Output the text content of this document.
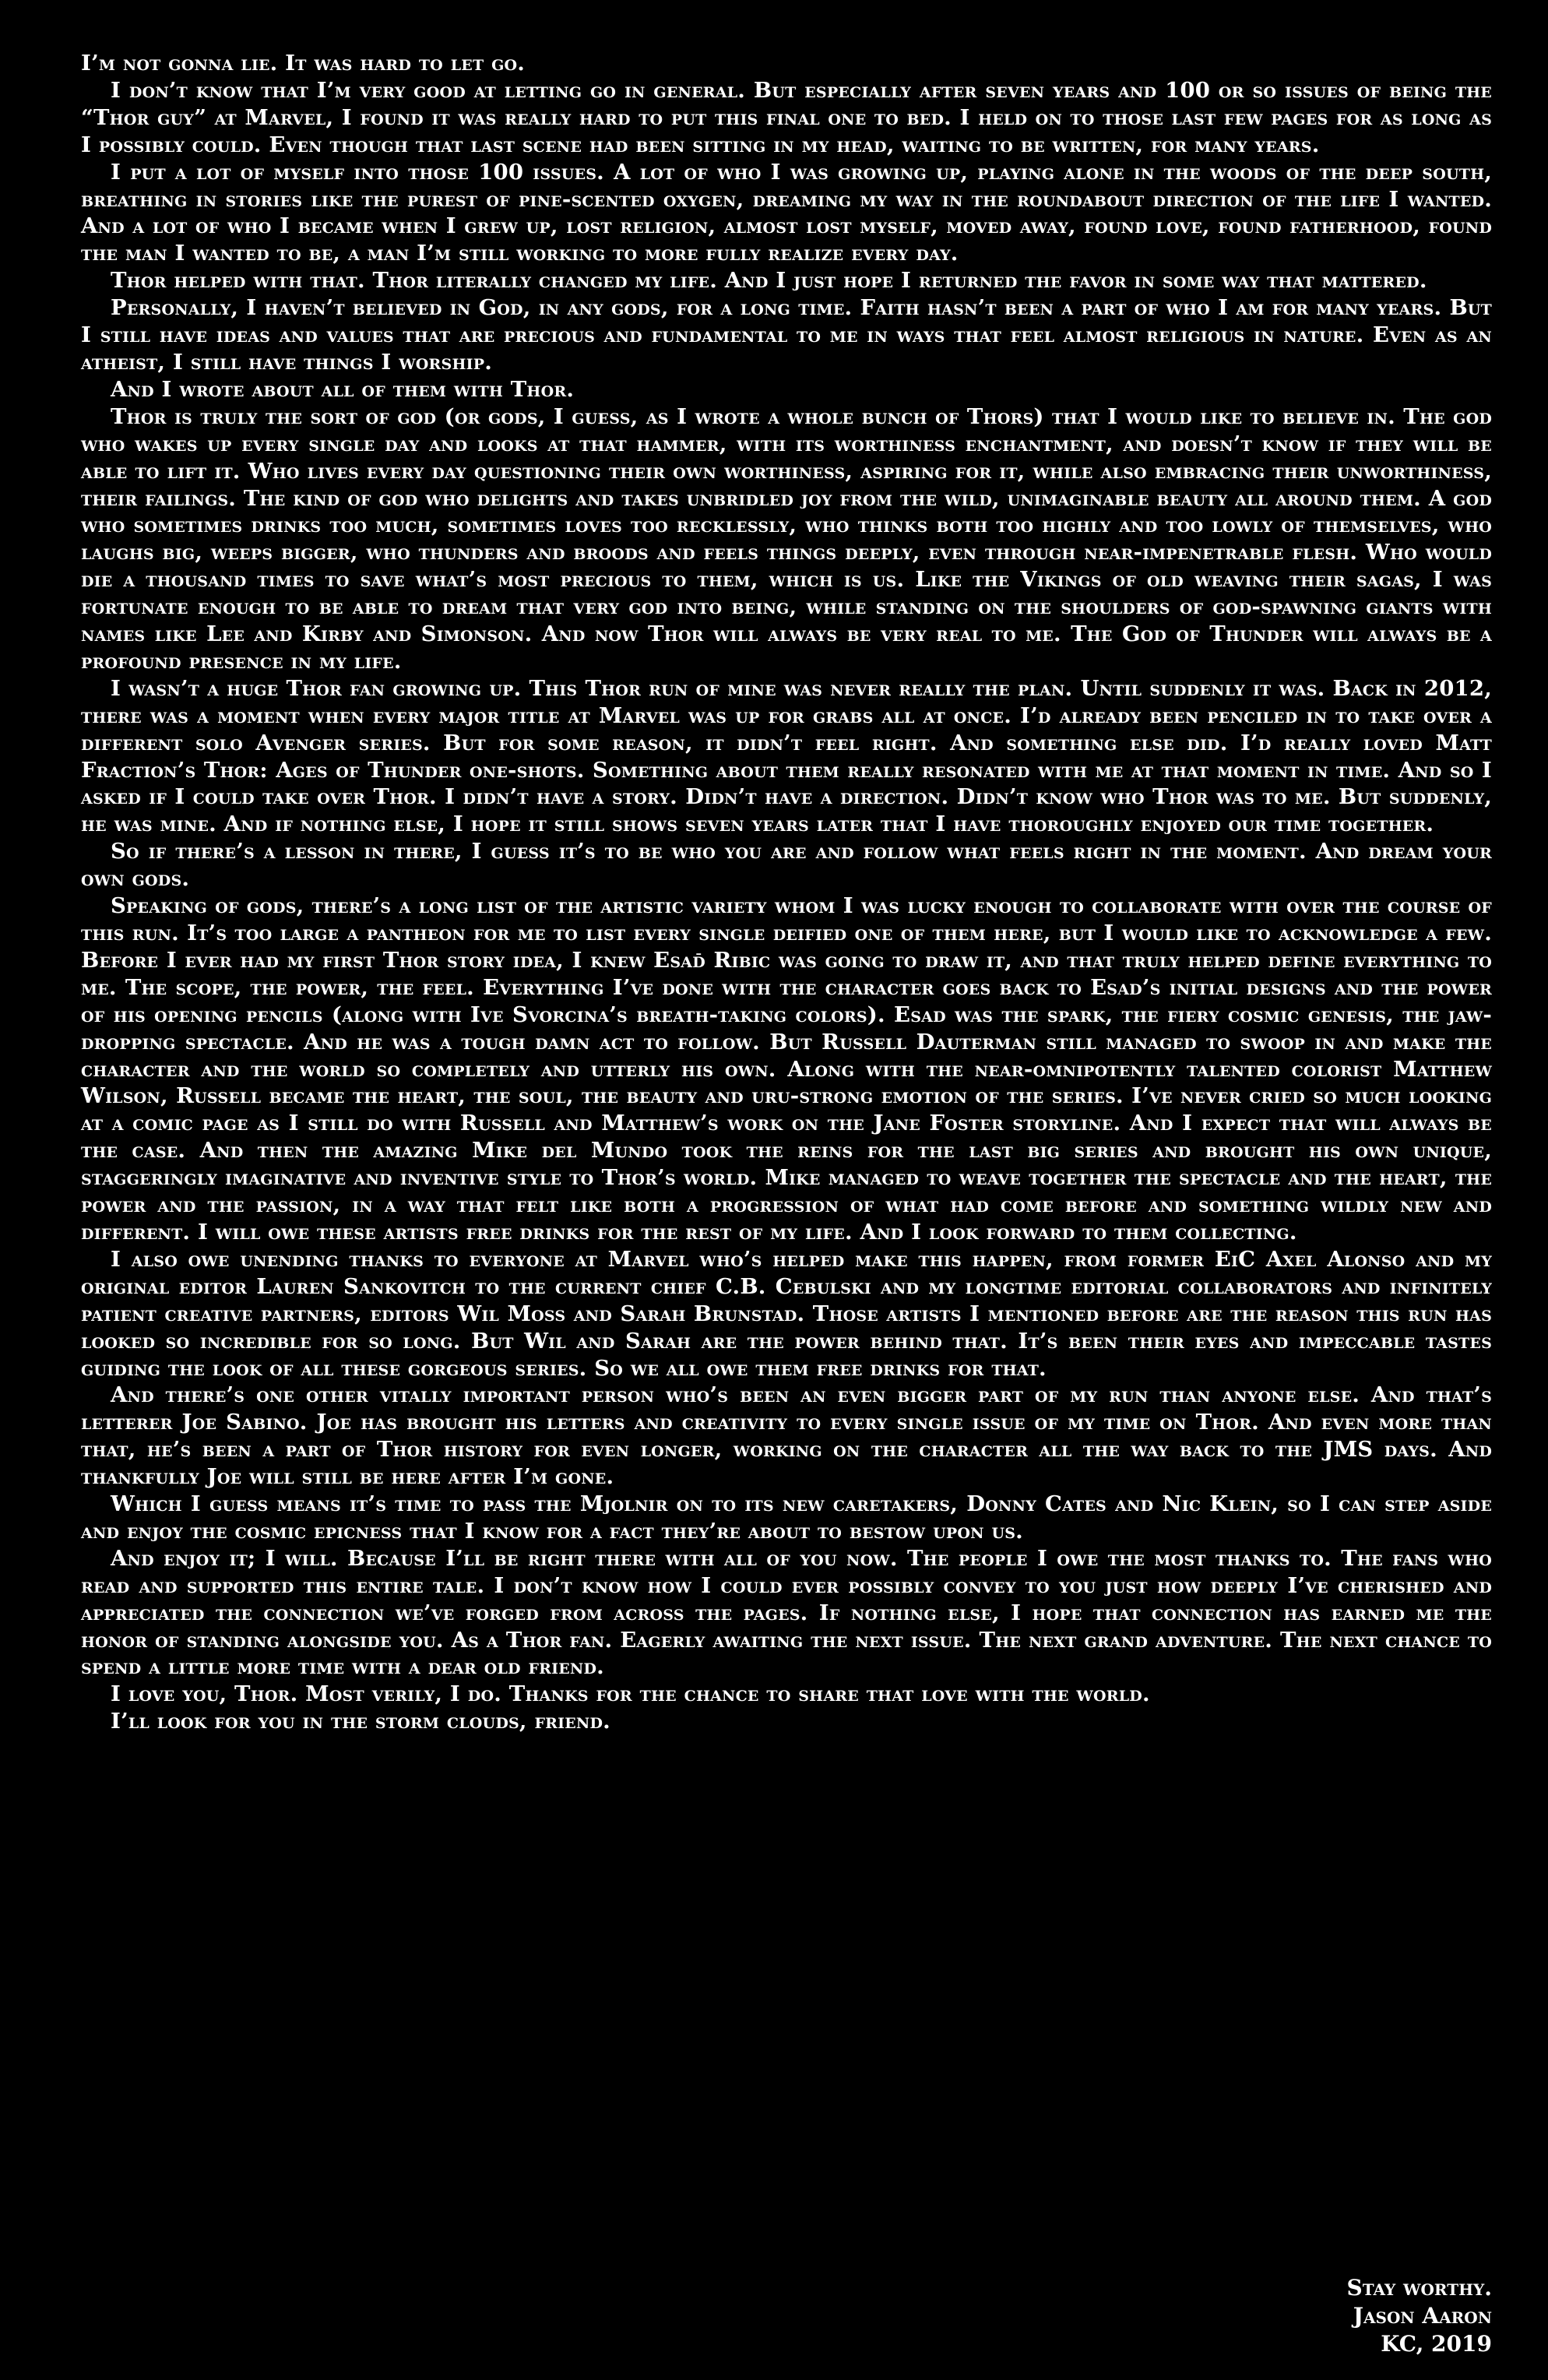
I’m not gonna lie. It was hard to let go.

I don’t know that I’m very good at letting go in general. But especially after seven years and 100 or so issues of being the “Thor guy” at Marvel, I found it was really hard to put this final one to bed. I held on to those last few pages for as long as I possibly could. Even though that last scene had been sitting in my head, waiting to be written, for many years.

I put a lot of myself into those 100 issues. A lot of who I was growing up, playing alone in the woods of the deep south, breathing in stories like the purest of pine-scented oxygen, dreaming my way in the roundabout direction of the life I wanted. And a lot of who I became when I grew up, lost religion, almost lost myself, moved away, found love, found fatherhood, found the man I wanted to be, a man I’m still working to more fully realize every day.

Thor helped with that. Thor literally changed my life. And I just hope I returned the favor in some way that mattered.

Personally, I haven’t believed in God, in any gods, for a long time. Faith hasn’t been a part of who I am for many years. But I still have ideas and values that are precious and fundamental to me in ways that feel almost religious in nature. Even as an atheist, I still have things I worship.

And I wrote about all of them with Thor.

Thor is truly the sort of god (or gods, I guess, as I wrote a whole bunch of Thors) that I would like to believe in. The god who wakes up every single day and looks at that hammer, with its worthiness enchantment, and doesn’t know if they will be able to lift it. Who lives every day questioning their own worthiness, aspiring for it, while also embracing their unworthiness, their failings. The kind of god who delights and takes unbridled joy from the wild, unimaginable beauty all around them. A god who sometimes drinks too much, sometimes loves too recklessly, who thinks both too highly and too lowly of themselves, who laughs big, weeps bigger, who thunders and broods and feels things deeply, even through near-impenetrable flesh. Who would die a thousand times to save what’s most precious to them, which is us. Like the Vikings of old weaving their sagas, I was fortunate enough to be able to dream that very god into being, while standing on the shoulders of god-spawning giants with names like Lee and Kirby and Simonson. And now Thor will always be very real to me. The God of Thunder will always be a profound presence in my life.

I wasn’t a huge Thor fan growing up. This Thor run of mine was never really the plan. Until suddenly it was. Back in 2012, there was a moment when every major title at Marvel was up for grabs all at once. I’d already been penciled in to take over a different solo Avenger series. But for some reason, it didn’t feel right. And something else did. I’d really loved Matt Fraction’s Thor: Ages of Thunder one-shots. Something about them really resonated with me at that moment in time. And so I asked if I could take over Thor. I didn’t have a story. Didn’t have a direction. Didn’t know who Thor was to me. But suddenly, he was mine. And if nothing else, I hope it still shows seven years later that I have thoroughly enjoyed our time together.

So if there’s a lesson in there, I guess it’s to be who you are and follow what feels right in the moment. And dream your own gods.

Speaking of gods, there’s a long list of the artistic variety whom I was lucky enough to collaborate with over the course of this run. It’s too large a pantheon for me to list every single deified one of them here, but I would like to acknowledge a few. Before I ever had my first Thor story idea, I knew Esad̄ Ribic was going to draw it, and that truly helped define everything to me. The scope, the power, the feel. Everything I’ve done with the character goes back to Esad’s initial designs and the power of his opening pencils (along with Ive Svorcina’s breath-taking colors). Esad was the spark, the fiery cosmic genesis, the jaw-dropping spectacle. And he was a tough damn act to follow. But Russell Dauterman still managed to swoop in and make the character and the world so completely and utterly his own. Along with the near-omnipotently talented colorist Matthew Wilson, Russell became the heart, the soul, the beauty and uru-strong emotion of the series. I’ve never cried so much looking at a comic page as I still do with Russell and Matthew’s work on the Jane Foster storyline. And I expect that will always be the case. And then the amazing Mike del Mundo took the reins for the last big series and brought his own unique, staggeringly imaginative and inventive style to Thor’s world. Mike managed to weave together the spectacle and the heart, the power and the passion, in a way that felt like both a progression of what had come before and something wildly new and different. I will owe these artists free drinks for the rest of my life. And I look forward to them collecting.

I also owe unending thanks to everyone at Marvel who’s helped make this happen, from former EiC Axel Alonso and my original editor Lauren Sankovitch to the current chief C.B. Cebulski and my longtime editorial collaborators and infinitely patient creative partners, editors Wil Moss and Sarah Brunstad. Those artists I mentioned before are the reason this run has looked so incredible for so long. But Wil and Sarah are the power behind that. It’s been their eyes and impeccable tastes guiding the look of all these gorgeous series. So we all owe them free drinks for that.

And there’s one other vitally important person who’s been an even bigger part of my run than anyone else. And that’s letterer Joe Sabino. Joe has brought his letters and creativity to every single issue of my time on Thor. And even more than that, he’s been a part of Thor history for even longer, working on the character all the way back to the JMS days. And thankfully Joe will still be here after I’m gone.

Which I guess means it’s time to pass the Mjolnir on to its new caretakers, Donny Cates and Nic Klein, so I can step aside and enjoy the cosmic epicness that I know for a fact they’re about to bestow upon us.

And enjoy it; I will. Because I’ll be right there with all of you now. The people I owe the most thanks to. The fans who read and supported this entire tale. I don’t know how I could ever possibly convey to you just how deeply I’ve cherished and appreciated the connection we’ve forged from across the pages. If nothing else, I hope that connection has earned me the honor of standing alongside you. As a Thor fan. Eagerly awaiting the next issue. The next grand adventure. The next chance to spend a little more time with a dear old friend.

I love you, Thor. Most verily, I do. Thanks for the chance to share that love with the world.

I’ll look for you in the storm clouds, friend.

Stay worthy.
Jason Aaron
KC, 2019
